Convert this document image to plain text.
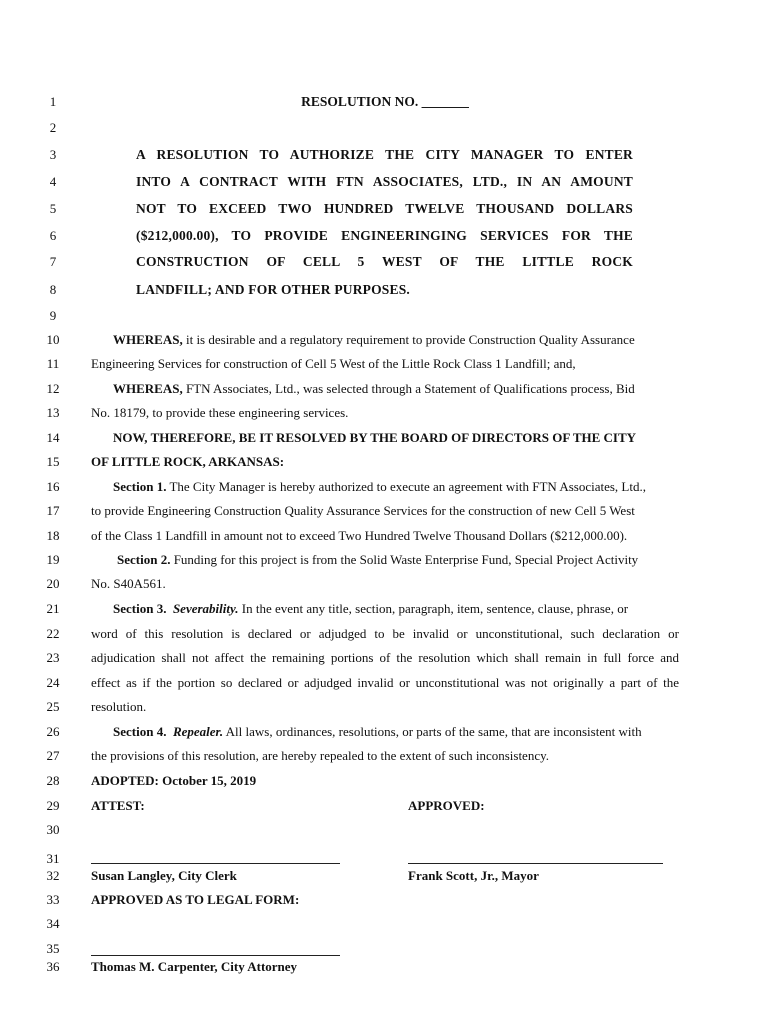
1
2
3
4
5
6
7
8
9
10
11
12
13
14
15
16
17
18
19
20
21
22
23
24
25
26
27
28
29
30
31
32
33
34
35
36
RESOLUTION NO. _______
A RESOLUTION TO AUTHORIZE THE CITY MANAGER TO ENTER
INTO A CONTRACT WITH FTN ASSOCIATES, LTD., IN AN AMOUNT
NOT TO EXCEED TWO HUNDRED TWELVE THOUSAND DOLLARS
($212,000.00), TO PROVIDE ENGINEERINGING SERVICES FOR THE
CONSTRUCTION OF CELL 5 WEST OF THE LITTLE ROCK
LANDFILL; AND FOR OTHER PURPOSES.
WHEREAS, it is desirable and a regulatory requirement to provide Construction Quality Assurance
Engineering Services for construction of Cell 5 West of the Little Rock Class 1 Landfill; and,
WHEREAS, FTN Associates, Ltd., was selected through a Statement of Qualifications process, Bid
No. 18179, to provide these engineering services.
NOW, THEREFORE, BE IT RESOLVED BY THE BOARD OF DIRECTORS OF THE CITY
OF LITTLE ROCK, ARKANSAS:
Section 1. The City Manager is hereby authorized to execute an agreement with FTN Associates, Ltd.,
to provide Engineering Construction Quality Assurance Services for the construction of new Cell 5 West
of the Class 1 Landfill in amount not to exceed Two Hundred Twelve Thousand Dollars ($212,000.00).
Section 2. Funding for this project is from the Solid Waste Enterprise Fund, Special Project Activity
No. S40A561.
Section 3. Severability. In the event any title, section, paragraph, item, sentence, clause, phrase, or
word of this resolution is declared or adjudged to be invalid or unconstitutional, such declaration or
adjudication shall not affect the remaining portions of the resolution which shall remain in full force and
effect as if the portion so declared or adjudged invalid or unconstitutional was not originally a part of the
resolution.
Section 4. Repealer. All laws, ordinances, resolutions, or parts of the same, that are inconsistent with
the provisions of this resolution, are hereby repealed to the extent of such inconsistency.
ADOPTED: October 15, 2019
ATTEST:	APPROVED:
Susan Langley, City Clerk	Frank Scott, Jr., Mayor
APPROVED AS TO LEGAL FORM:
Thomas M. Carpenter, City Attorney
